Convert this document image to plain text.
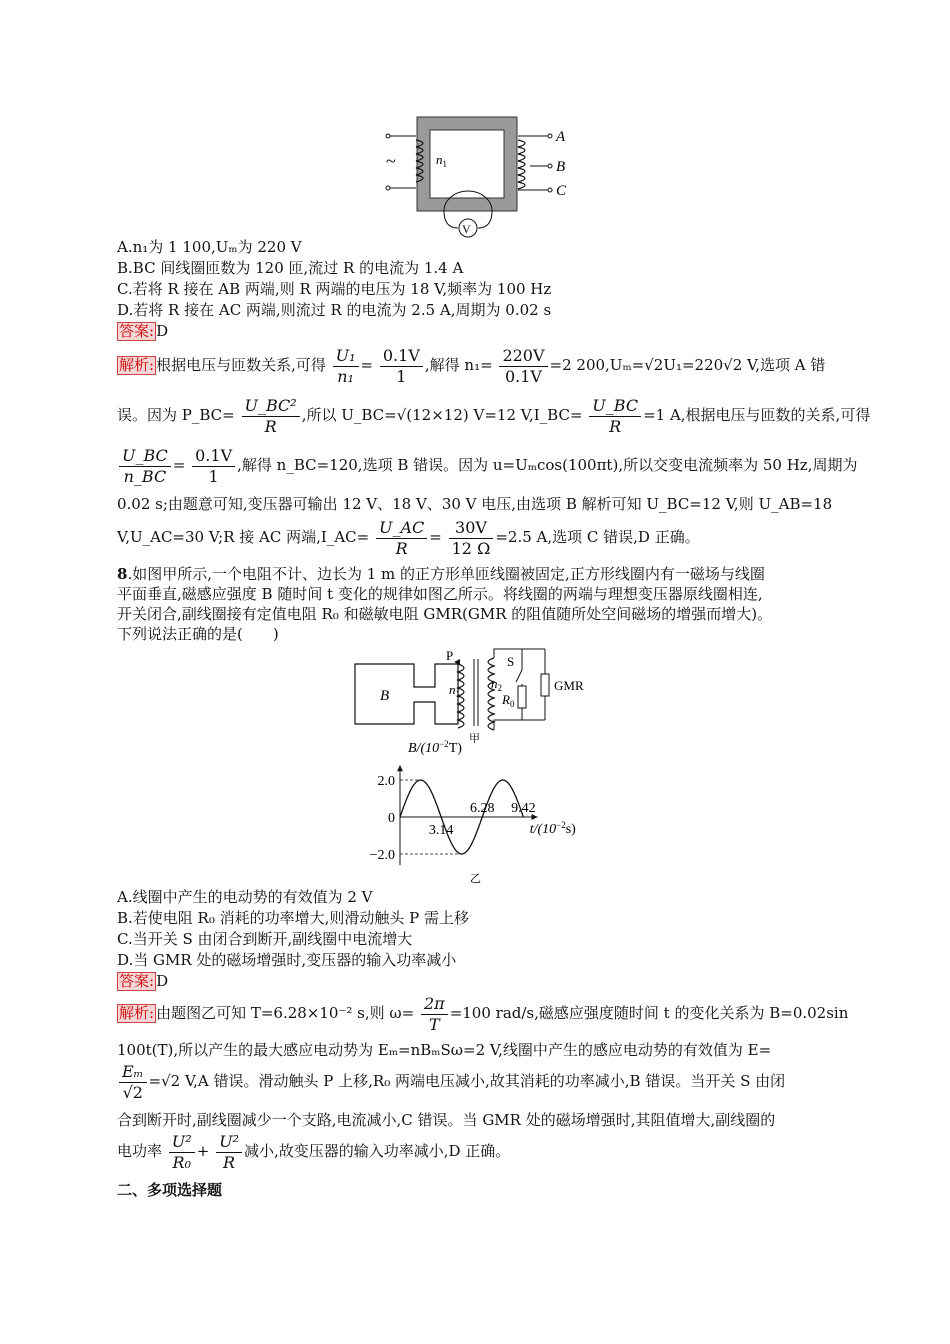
~	$n_1$
A
B
C
V
A.n₁为 1 100,Uₘ为 220 V
B.BC 间线圈匝数为 120 匝,流过 R 的电流为 1.4 A
C.若将 R 接在 AB 两端,则 R 两端的电压为 18 V,频率为 100 Hz
D.若将 R 接在 AC 两端,则流过 R 的电流为 2.5 A,周期为 0.02 s
答案: D
解析: 根据电压与匝数关系,可得 $\frac{\text{U₁}}{\text{n₁}} = \frac{0.1V}{1}$ ,解得 $n_1= \frac{220V}{0.1V} =2$ 200,Uₘ=√2U₁=220√2 V,选项 A 错
误。因为 P_BC= $\frac{\text{U\_BC²}}{R}$ ,所以 U_BC=√(12×12) V=12 V,I_BC= $\frac{U\_BC}{R} =1$ A,根据电压与匝数的关系,可得
$\frac{U\_BC}{n\_BC} = \frac{0.1V}{1}$ ,解得 n_BC=120,选项 B 错误。因为 u=Uₘcos(100πt),所以交变电流频率为 50 Hz,周期为
0.02 s;由题意可知,变压器可输出 12 V、18 V、30 V 电压,由选项 B 解析可知 U_BC=12 V,则 U_AB=18
V,U_AC=30 V;R 接 AC 两端,I_AC= $\frac{U\_AC}{R} = \frac{30V}{12 \Omega} =2.5$ A,选项 C 错误,D 正确。
8.如图甲所示,一个电阻不计、边长为 1 m 的正方形单匝线圈被固定,正方形线圈内有一磁场与线圈
平面垂直,磁感应强度 B 随时间 t 变化的规律如图乙所示。将线圈的两端与理想变压器原线圈相连,
开关闭合,副线圈接有定值电阻 R₀ 和磁敏电阻 GMR(GMR 的阻值随所处空间磁场的增强而增大)。
下列说法正确的是(　　)
B
P
$n_1$
$n_2$
S
$R_0$
GMR
甲
2.0
0
−2.0
3.14
6.28 9.42
$B/(10^{-2}T)$
$t/(10^{-2}s)$
乙
A.线圈中产生的电动势的有效值为 2 V
B.若使电阻 R₀ 消耗的功率增大,则滑动触头 P 需上移
C.当开关 S 由闭合到断开,副线圈中电流增大
D.当 GMR 处的磁场增强时,变压器的输入功率减小
答案: D
解析: 由题图乙可知 T=6.28×10⁻² s,则 $\omega= \frac{2\pi}{T} =100$ rad/s,磁感应强度随时间 t 的变化关系为 B=0.02sin
100t(T),所以产生的最大感应电动势为 Eₘ=nBₘSω=2 V,线圈中产生的感应电动势的有效值为 E=
$\frac{\text{Eₘ}}{√2} =√2$ V,A 错误。滑动触头 P 上移,R₀ 两端电压减小,故其消耗的功率减小,B 错误。当开关 S 由闭
合到断开时,副线圈减少一个支路,电流减小,C 错误。当 GMR 处的磁场增强时,其阻值增大,副线圈的
电功率 $\frac{\text{U²}}{\text{R₀}} + \frac{\text{U²}}{R}$ 减小,故变压器的输入功率减小,D 正确。
二、多项选择题
